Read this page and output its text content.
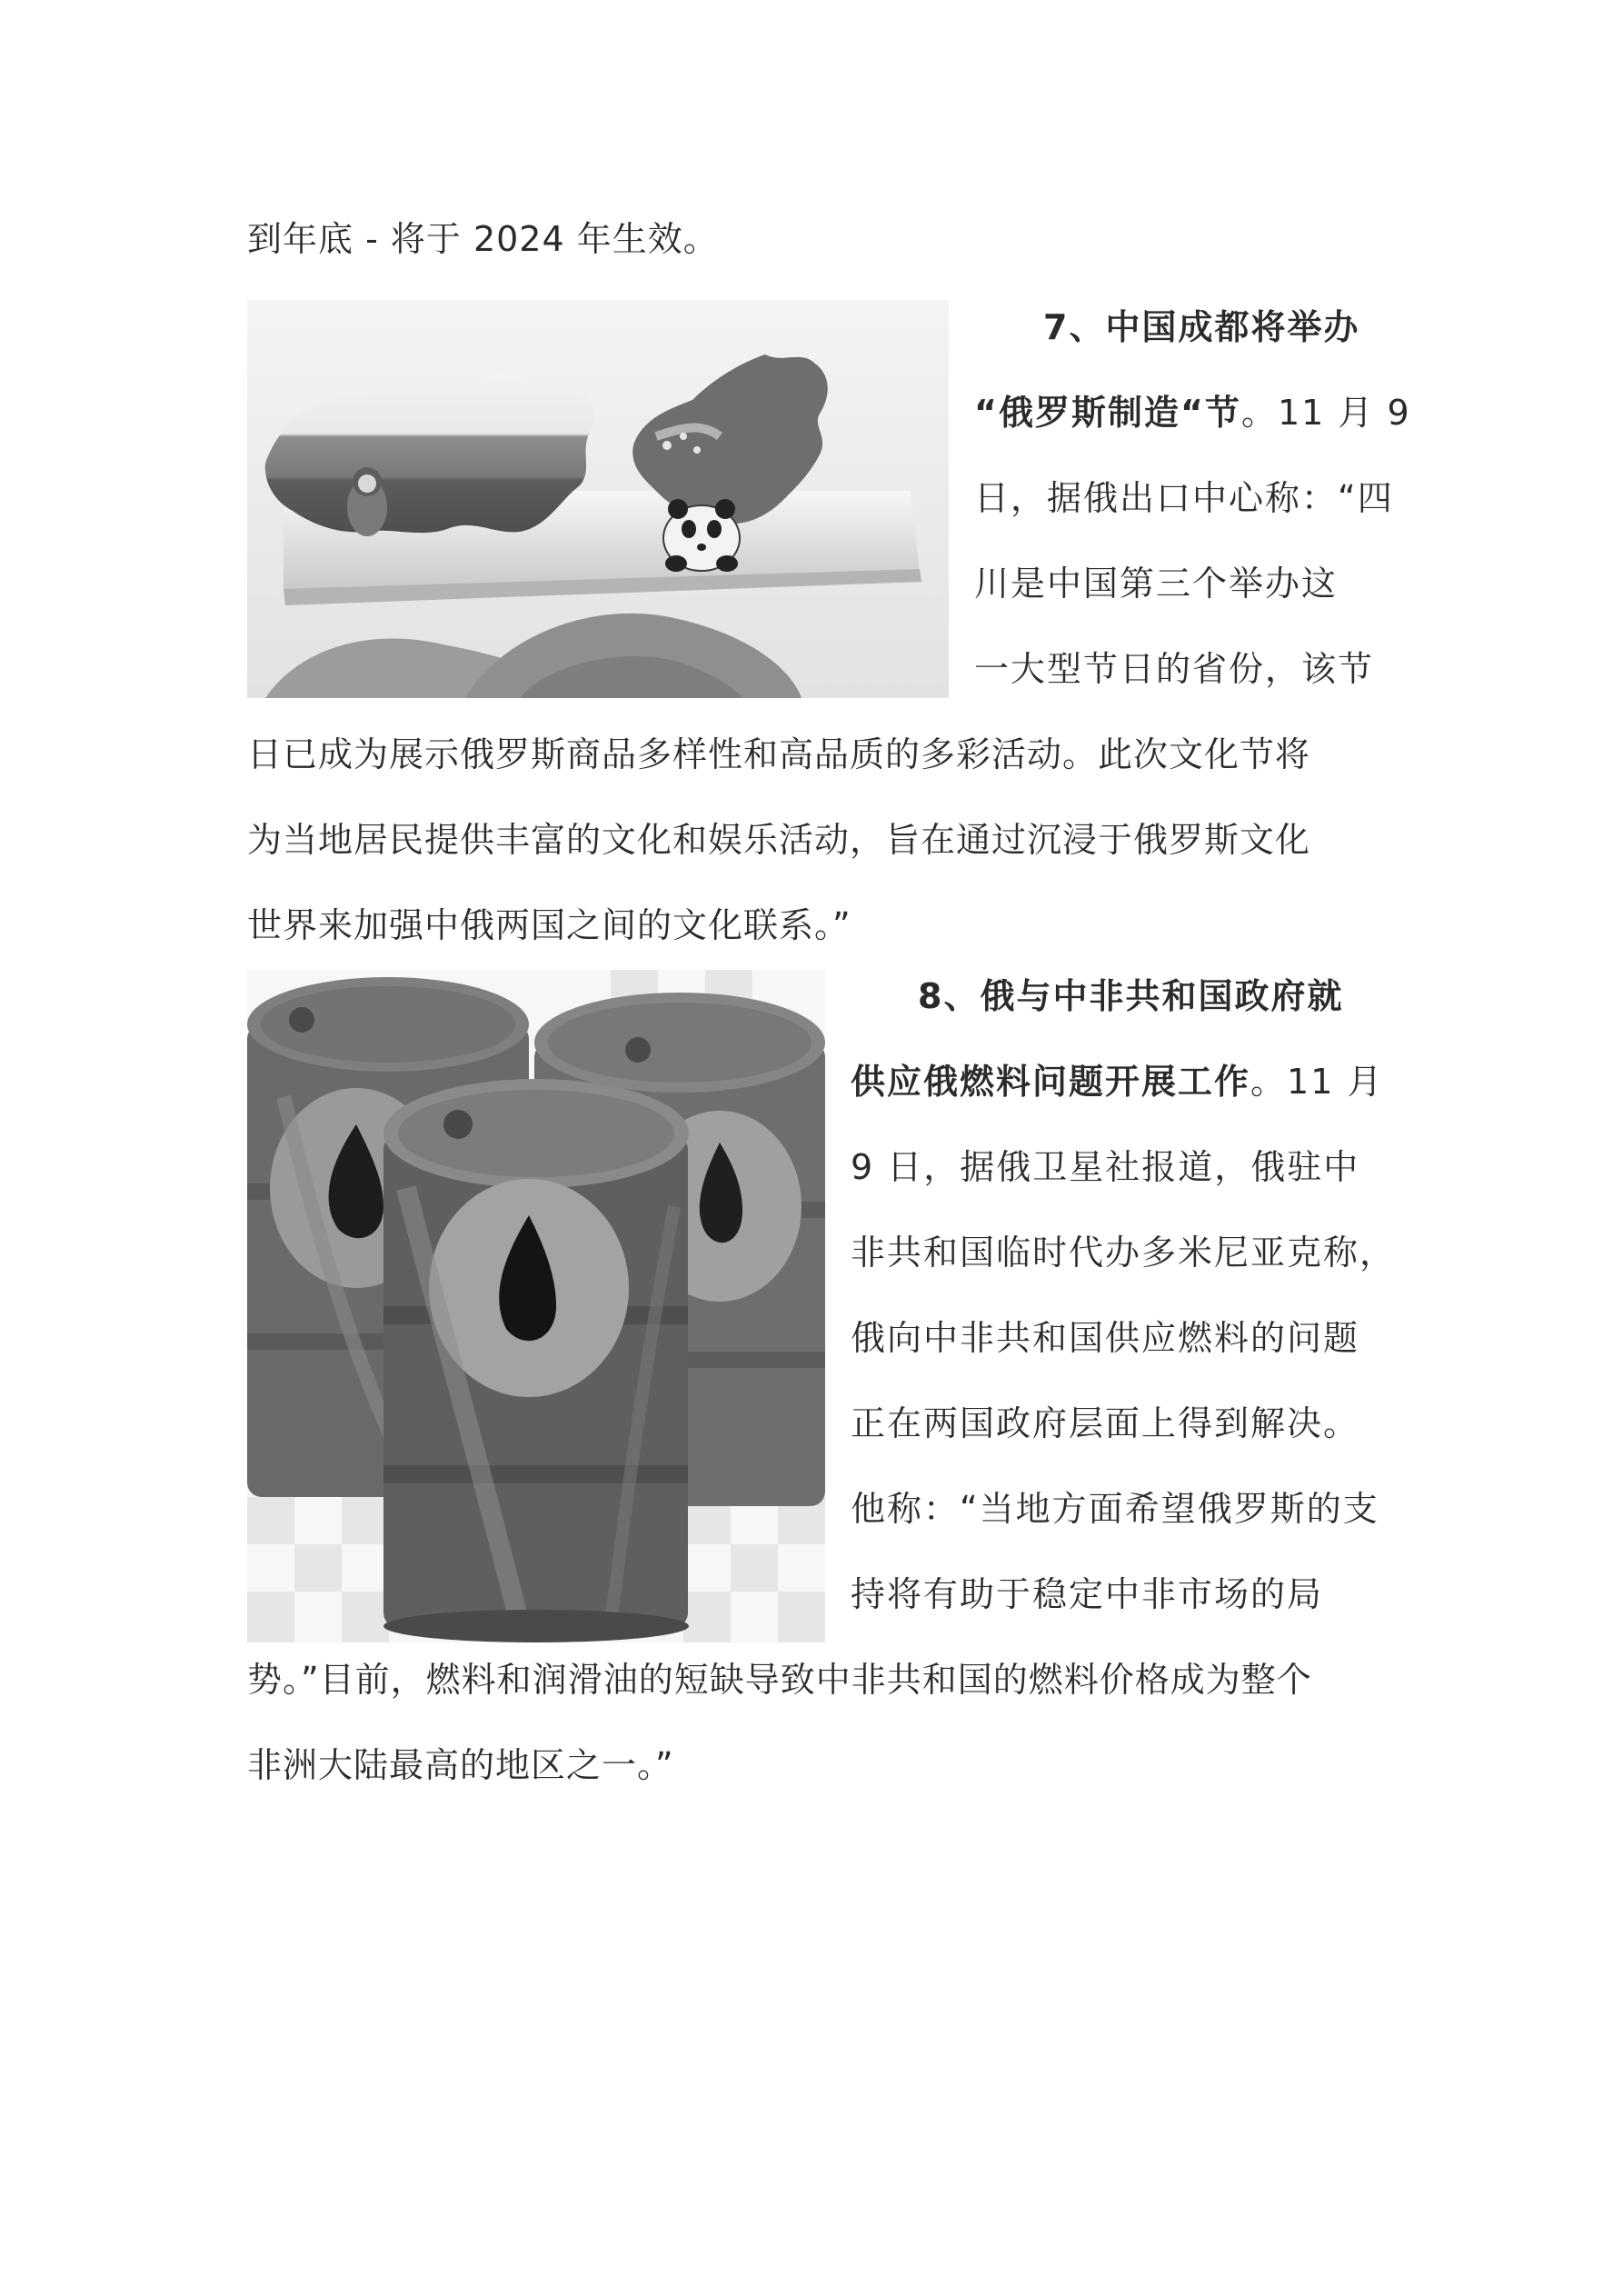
到年底 - 将于 2024 年生效。
7、中国成都将举办
“俄罗斯制造“节。11 月 9
日，据俄出口中心称：“四
川是中国第三个举办这
一大型节日的省份，该节
日已成为展示俄罗斯商品多样性和高品质的多彩活动。此次文化节将
为当地居民提供丰富的文化和娱乐活动，旨在通过沉浸于俄罗斯文化
世界来加强中俄两国之间的文化联系。”
8、俄与中非共和国政府就
供应俄燃料问题开展工作。11 月
9 日，据俄卫星社报道，俄驻中
非共和国临时代办多米尼亚克称，
俄向中非共和国供应燃料的问题
正在两国政府层面上得到解决。
他称：“当地方面希望俄罗斯的支
持将有助于稳定中非市场的局
势。”目前，燃料和润滑油的短缺导致中非共和国的燃料价格成为整个
非洲大陆最高的地区之一。”
